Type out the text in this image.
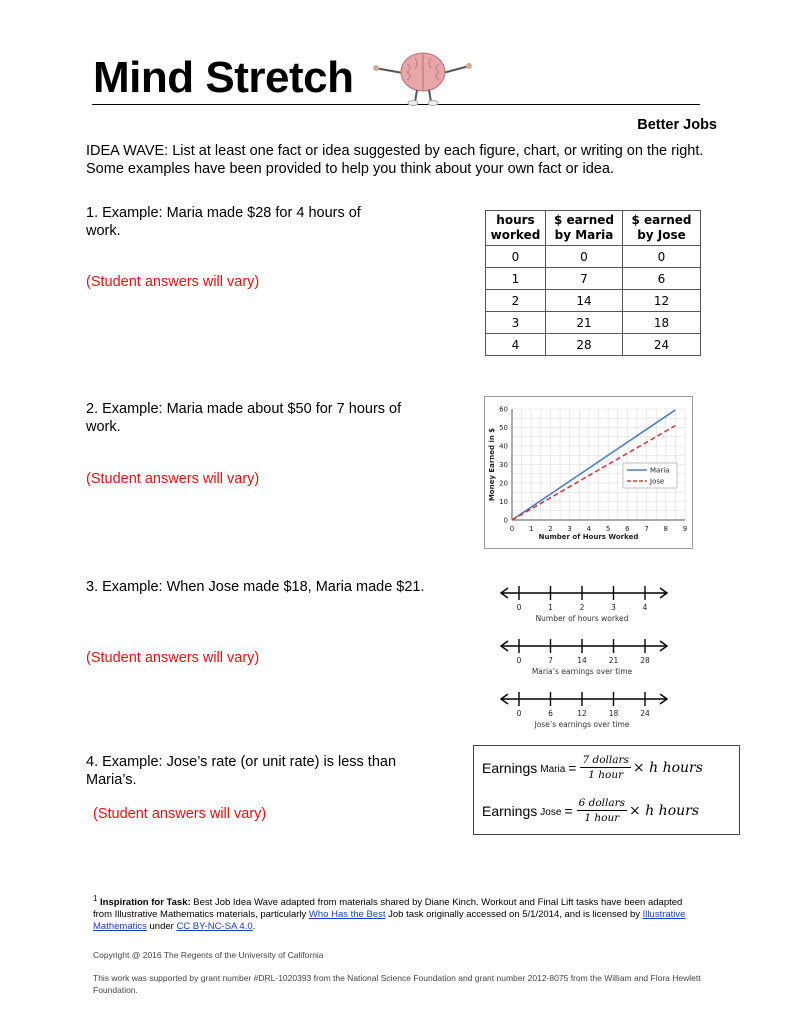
Mind Stretch
Better Jobs
IDEA WAVE: List at least one fact or idea suggested by each figure, chart, or writing on the right. Some examples have been provided to help you think about your own fact or idea.
1. Example: Maria made $28 for 4 hours of work.
(Student answers will vary)
2. Example: Maria made about $50 for 7 hours of work.
(Student answers will vary)
3. Example: When Jose made $18, Maria made $21.
(Student answers will vary)
4. Example: Jose’s rate (or unit rate) is less than Maria’s.
(Student answers will vary)
hours worked	$ earned by Maria	$ earned by Jose
0	0	0
1	7	6
2	14	12
3	21	18
4	28	24
0 1 2 3 4 5 6 7 8 9
0
10
20
30
40
50
60
Number of Hours Worked
Money Earned in $	Maria
Jose
0	1	2	3	4
Number of hours worked
0	7	14	21	28
Maria’s earnings over time
0	6	12	18	24
Jose’s earnings over time
Earnings Maria = $\frac{\text{7 dollars}}{\text{1 hour}} \times h$ hours
Earnings Jose = $\frac{\text{6 dollars}}{\text{1 hour}} \times h$ hours
$^1$ Inspiration for Task: Best Job Idea Wave adapted from materials shared by Diane Kinch. Workout and Final Lift tasks have been adapted from Illustrative Mathematics materials, particularly Who Has the Best Job task originally accessed on 5/1/2014, and is licensed by Illustrative Mathematics under CC BY-NC-SA 4.0.
Copyright @ 2016 The Regents of the University of California
This work was supported by grant number #DRL-1020393 from the National Science Foundation and grant number 2012-8075 from the William and Flora Hewlett Foundation.
